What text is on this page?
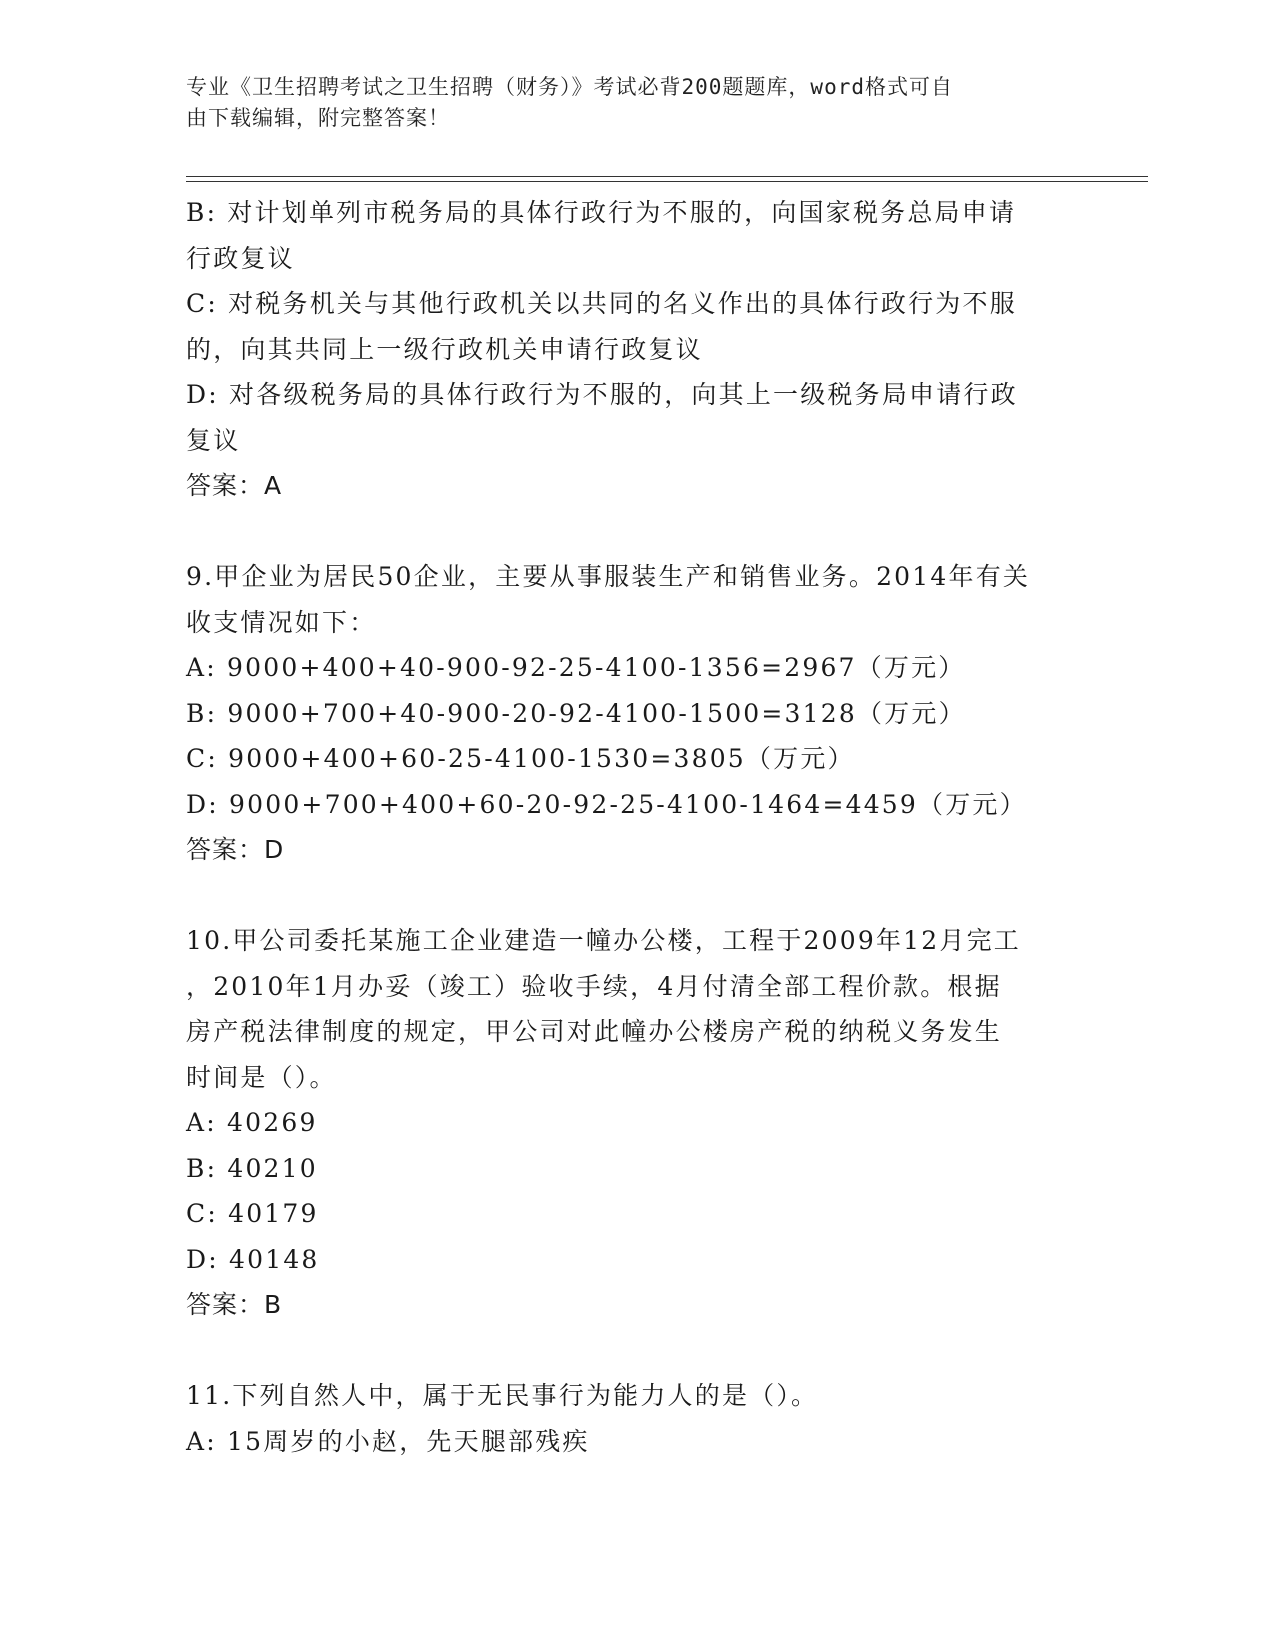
专业《卫生招聘考试之卫生招聘（财务）》考试必背200题题库，word格式可自
由下载编辑，附完整答案！

B: 对计划单列市税务局的具体行政行为不服的，向国家税务总局申请

行政复议

C: 对税务机关与其他行政机关以共同的名义作出的具体行政行为不服

的，向其共同上一级行政机关申请行政复议

D: 对各级税务局的具体行政行为不服的，向其上一级税务局申请行政

复议

答案：A

9.甲企业为居民50企业，主要从事服装生产和销售业务。2014年有关

收支情况如下：

A: 9000+400+40-900-92-25-4100-1356=2967（万元）

B: 9000+700+40-900-20-92-4100-1500=3128（万元）

C: 9000+400+60-25-4100-1530=3805（万元）

D: 9000+700+400+60-20-92-25-4100-1464=4459（万元）

答案：D

10.甲公司委托某施工企业建造一幢办公楼，工程于2009年12月完工

，2010年1月办妥（竣工）验收手续，4月付清全部工程价款。根据

房产税法律制度的规定，甲公司对此幢办公楼房产税的纳税义务发生

时间是（）。

A: 40269

B: 40210

C: 40179

D: 40148

答案：B

11.下列自然人中，属于无民事行为能力人的是（）。

A: 15周岁的小赵，先天腿部残疾
